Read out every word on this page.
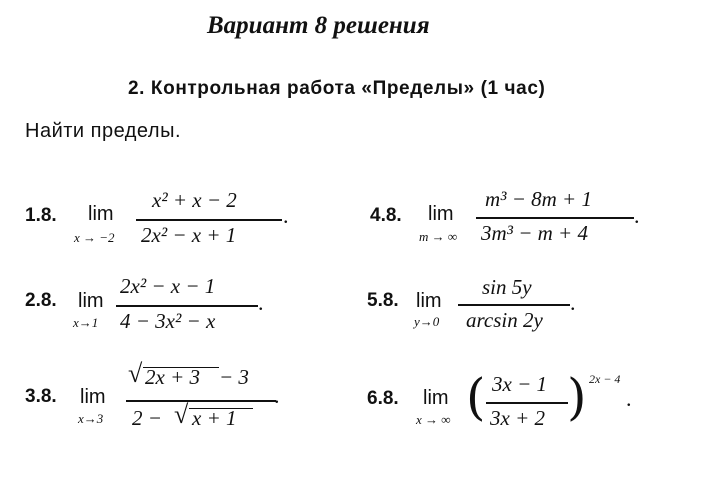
Вариант 8 решения
2. Контрольная работа «Пределы» (1 час)
Найти пределы.
1.8. lim
x → −2
x² + x − 2
2x² − x + 1
.
2.8. lim
x→1
2x² − x − 1
4 − 3x² − x
.
3.8. lim
x→3
√ 2x + 3 − 3
2 − √ x + 1
.
4.8. lim
m → ∞
m³ − 8m + 1
3m³ − m + 4
.
5.8. lim
y→0
sin 5y
arcsin 2y
.
6.8. lim
x → ∞ ( 3x − 1
3x + 2 ) 2x − 4
.
